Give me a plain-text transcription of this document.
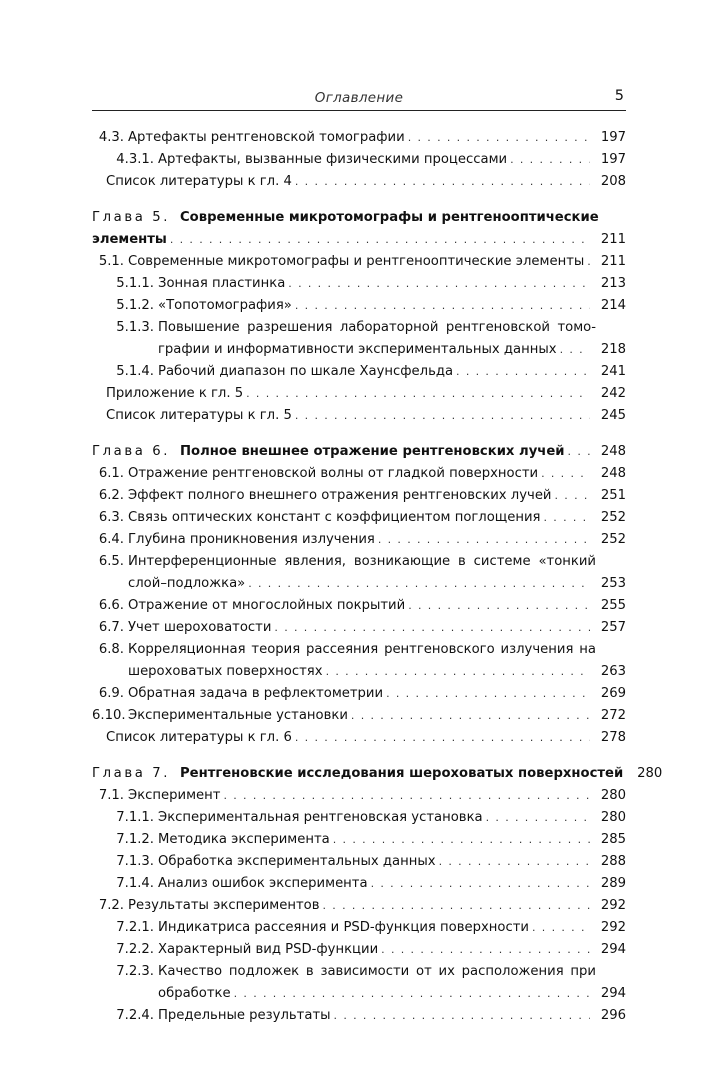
Оглавление	5
4.3. Артефакты рентгеновской томографии . . .	197
4.3.1. Артефакты, вызванные физическими процессами . . .	197
Список литературы к гл. 4 . . .	208
Глава 5. Современные микротомографы и рентгенооптические
элементы . . .	211
5.1. Современные микротомографы и рентгенооптические элементы . . .	211
5.1.1. Зонная пластинка . . .	213
5.1.2. «Топотомография» . . .	214
5.1.3. Повышение разрешения лабораторной рентгеновской томо-
графии и информативности экспериментальных данных . . .	218
5.1.4. Рабочий диапазон по шкале Хаунсфельда . . .	241
Приложение к гл. 5 . . .	242
Список литературы к гл. 5 . . .	245
Глава 6. Полное внешнее отражение рентгеновских лучей . . .	248
6.1. Отражение рентгеновской волны от гладкой поверхности . . .	248
6.2. Эффект полного внешнего отражения рентгеновских лучей . . .	251
6.3. Связь оптических констант с коэффициентом поглощения . . .	252
6.4. Глубина проникновения излучения . . .	252
6.5. Интерференционные явления, возникающие в системе «тонкий
слой–подложка» . . .	253
6.6. Отражение от многослойных покрытий . . .	255
6.7. Учет шероховатости . . .	257
6.8. Корреляционная теория рассеяния рентгеновского излучения на
шероховатых поверхностях . . .	263
6.9. Обратная задача в рефлектометрии . . .	269
6.10. Экспериментальные установки . . .	272
Список литературы к гл. 6 . . .	278
Глава 7. Рентгеновские исследования шероховатых поверхностей	280
7.1. Эксперимент . . .	280
7.1.1. Экспериментальная рентгеновская установка . . .	280
7.1.2. Методика эксперимента . . .	285
7.1.3. Обработка экспериментальных данных . . .	288
7.1.4. Анализ ошибок эксперимента . . .	289
7.2. Результаты экспериментов . . .	292
7.2.1. Индикатриса рассеяния и PSD-функция поверхности . . .	292
7.2.2. Характерный вид PSD-функции . . .	294
7.2.3. Качество подложек в зависимости от их расположения при
обработке . . .	294
7.2.4. Предельные результаты . . .	296
